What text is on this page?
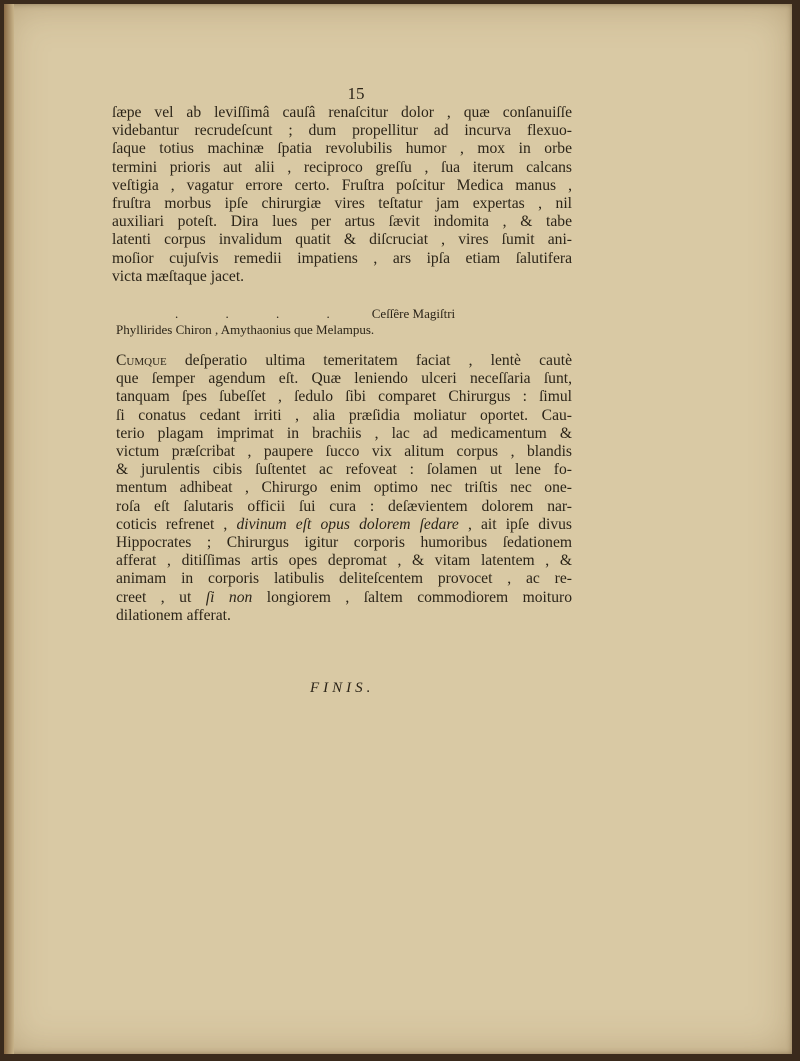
15

ſæpe vel ab leviſſimâ cauſâ renaſcitur dolor , quæ conſanuiſſe
videbantur recrudeſcunt ; dum propellitur ad incurva flexuo-
ſaque totius machinæ ſpatia revolubilis humor , mox in orbe
termini prioris aut alii , reciproco greſſu , ſua iterum calcans
veſtigia , vagatur errore certo. Fruſtra poſcitur Medica manus ,
fruſtra morbus ipſe chirurgiæ vires teſtatur jam expertas , nil
auxiliari poteſt. Dira lues per artus ſævit indomita , & tabe
latenti corpus invalidum quatit & diſcruciat , vires ſumit ani-
moſior cujuſvis remedii impatiens , ars ipſa etiam ſalutifera
victa mæſtaque jacet.

. . . . Ceſſêre Magiſtri
Phyllirides Chiron , Amythaonius que Melampus.

Cumque deſperatio ultima temeritatem faciat , lentè cautè
que ſemper agendum eſt. Quæ leniendo ulceri neceſſaria ſunt,
tanquam ſpes ſubeſſet , ſedulo ſibi comparet Chirurgus : ſimul
ſi conatus cedant irriti , alia præſidia moliatur oportet. Cau-
terio plagam imprimat in brachiis , lac ad medicamentum &
victum præſcribat , paupere ſucco vix alitum corpus , blandis
& jurulentis cibis ſuſtentet ac refoveat : ſolamen ut lene fo-
mentum adhibeat , Chirurgo enim optimo nec triſtis nec one-
roſa eſt ſalutaris officii ſui cura : deſævientem dolorem nar-
coticis refrenet , divinum eſt opus dolorem ſedare , ait ipſe divus
Hippocrates ; Chirurgus igitur corporis humoribus ſedationem
afferat , ditiſſimas artis opes depromat , & vitam latentem , &
animam in corporis latibulis deliteſcentem provocet , ac re-
creet , ut ſi non longiorem , ſaltem commodiorem moituro
dilationem afferat.

FINIS.
